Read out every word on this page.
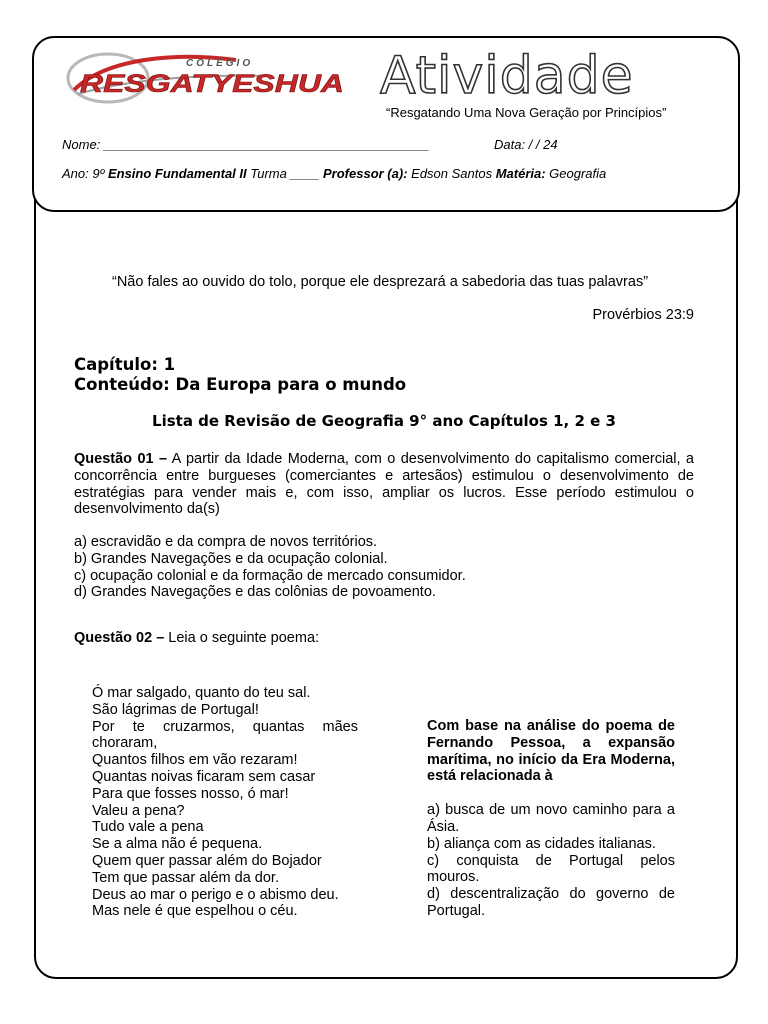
COLÉGIO
RESGATYESHUA Atividade
“Resgatando Uma Nova Geração por Princípios”
Nome: _____________________________________________	Data: / / 24
Ano: 9º Ensino Fundamental II Turma ____ Professor (a): Edson Santos Matéria: Geografia
“Não fales ao ouvido do tolo, porque ele desprezará a sabedoria das tuas palavras”
Provérbios 23:9
Capítulo: 1
Conteúdo: Da Europa para o mundo
Lista de Revisão de Geografia 9° ano Capítulos 1, 2 e 3
Questão 01 – A partir da Idade Moderna, com o desenvolvimento do capitalismo comercial, a concorrência entre burgueses (comerciantes e artesãos) estimulou o desenvolvimento de estratégias para vender mais e, com isso, ampliar os lucros. Esse período estimulou o desenvolvimento da(s)
a) escravidão e da compra de novos territórios.
b) Grandes Navegações e da ocupação colonial.
c) ocupação colonial e da formação de mercado consumidor.
d) Grandes Navegações e das colônias de povoamento.
Questão 02 – Leia o seguinte poema:
Ó mar salgado, quanto do teu sal.
São lágrimas de Portugal!
Por te cruzarmos, quantas mães
choraram,
Quantos filhos em vão rezaram!
Quantas noivas ficaram sem casar
Para que fosses nosso, ó mar!
Valeu a pena?
Tudo vale a pena
Se a alma não é pequena.
Quem quer passar além do Bojador
Tem que passar além da dor.
Deus ao mar o perigo e o abismo deu.
Mas nele é que espelhou o céu.
Com base na análise do poema de Fernando Pessoa, a expansão marítima, no início da Era Moderna, está relacionada à
a) busca de um novo caminho para a Ásia.
b) aliança com as cidades italianas.
c) conquista de Portugal pelos mouros.
d) descentralização do governo de Portugal.
